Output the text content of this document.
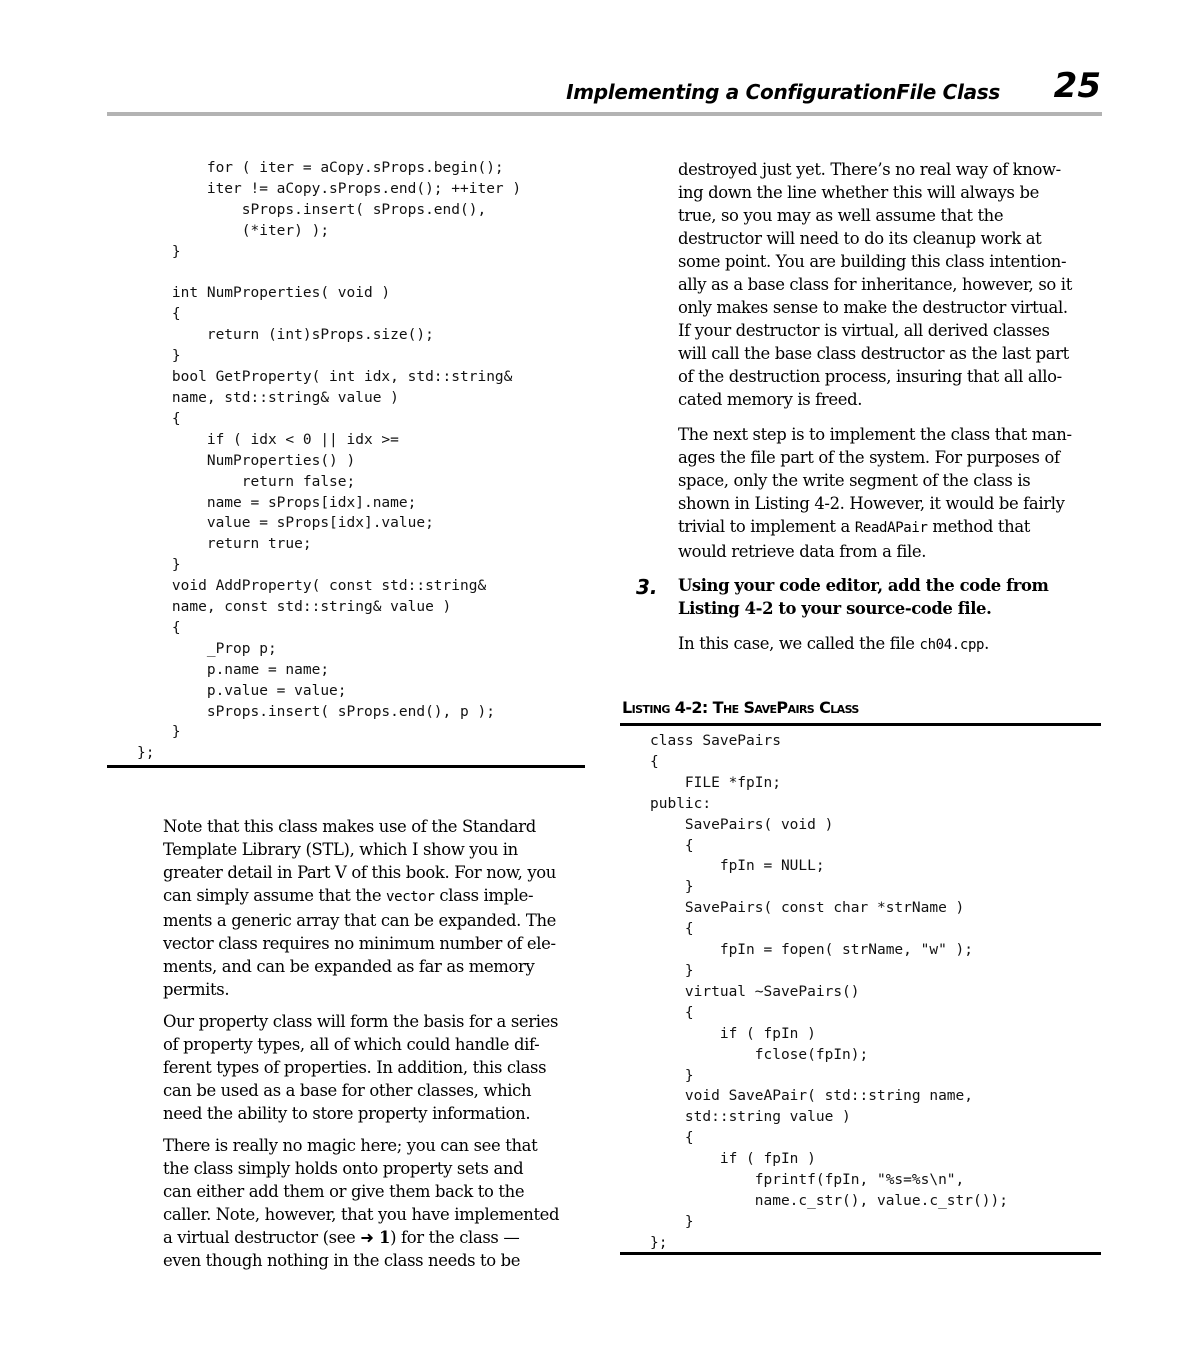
Implementing a ConfigurationFile Class	25
for ( iter = aCopy.sProps.begin();
iter != aCopy.sProps.end(); ++iter )
sProps.insert( sProps.end(),
(*iter) );
}

int NumProperties( void )
{
return (int)sProps.size();
}
bool GetProperty( int idx, std::string&
name, std::string& value )
{
if ( idx < 0 || idx >=
NumProperties() )
return false;
name = sProps[idx].name;
value = sProps[idx].value;
return true;
}
void AddProperty( const std::string&
name, const std::string& value )
{
_Prop p;
p.name = name;
p.value = value;
sProps.insert( sProps.end(), p );
}
};

Note that this class makes use of the Standard
Template Library (STL), which I show you in
greater detail in Part V of this book. For now, you
can simply assume that the vector class imple-
ments a generic array that can be expanded. The
vector class requires no minimum number of ele-
ments, and can be expanded as far as memory
permits.

Our property class will form the basis for a series
of property types, all of which could handle dif-
ferent types of properties. In addition, this class
can be used as a base for other classes, which
need the ability to store property information.

There is really no magic here; you can see that
the class simply holds onto property sets and
can either add them or give them back to the
caller. Note, however, that you have implemented
a virtual destructor (see ➜ 1) for the class —
even though nothing in the class needs to be

destroyed just yet. There’s no real way of know-
ing down the line whether this will always be
true, so you may as well assume that the
destructor will need to do its cleanup work at
some point. You are building this class intention-
ally as a base class for inheritance, however, so it
only makes sense to make the destructor virtual.
If your destructor is virtual, all derived classes
will call the base class destructor as the last part
of the destruction process, insuring that all allo-
cated memory is freed.

The next step is to implement the class that man-
ages the file part of the system. For purposes of
space, only the write segment of the class is
shown in Listing 4-2. However, it would be fairly
trivial to implement a ReadAPair method that
would retrieve data from a file.

3. Using your code editor, add the code from
Listing 4-2 to your source-code file.
In this case, we called the file ch04.cpp.
Listing 4-2: The SavePairs Class
class SavePairs
{
FILE *fpIn;
public:
SavePairs( void )
{
fpIn = NULL;
}
SavePairs( const char *strName )
{
fpIn = fopen( strName, "w" );
}
virtual ~SavePairs()
{
if ( fpIn )
fclose(fpIn);
}
void SaveAPair( std::string name,
std::string value )
{
if ( fpIn )
fprintf(fpIn, "%s=%s\n",
name.c_str(), value.c_str());
}
};
